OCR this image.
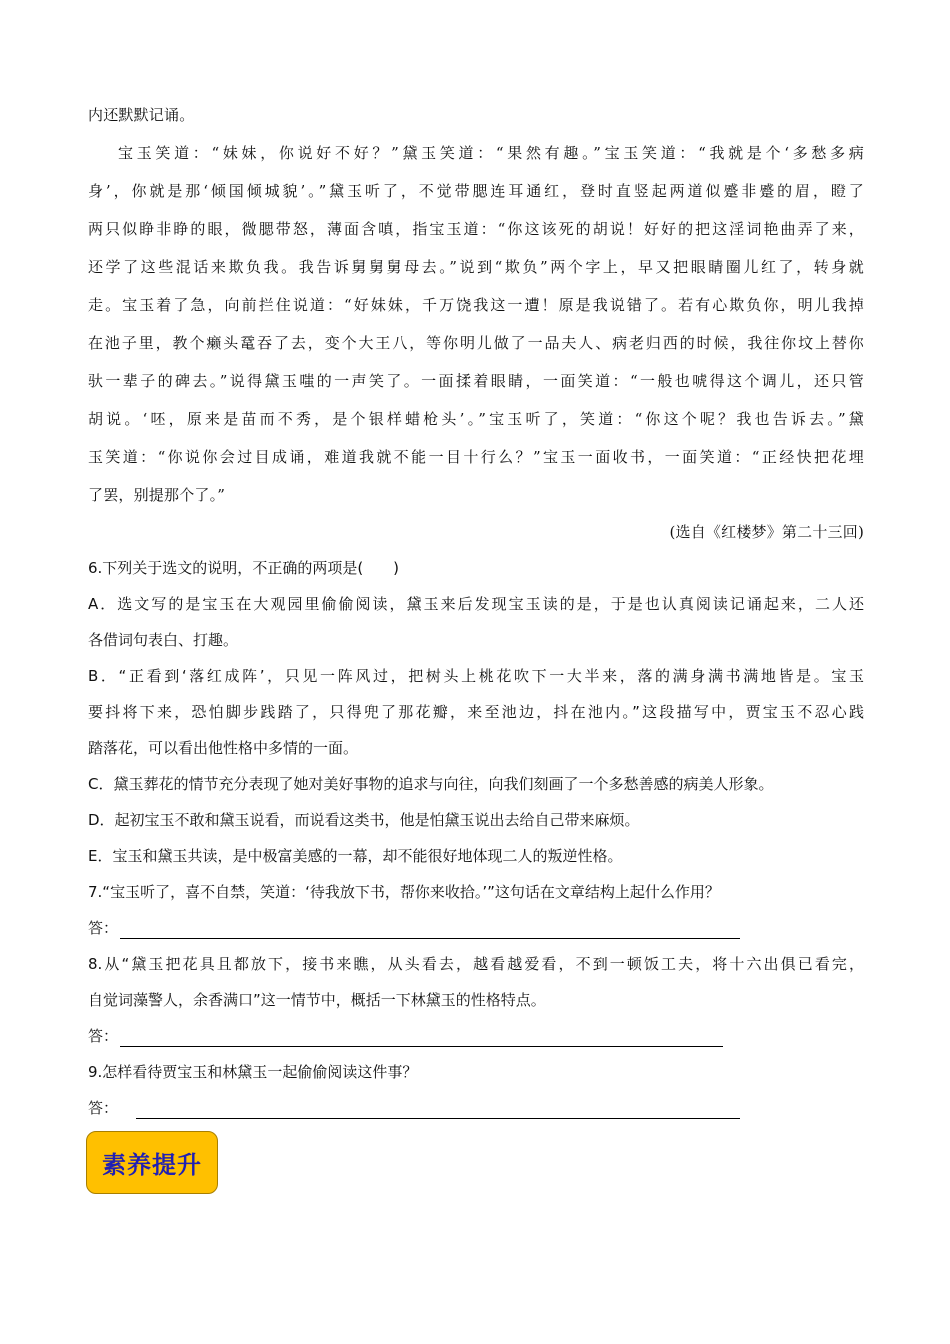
内还默默记诵。
宝玉笑道：“妹妹，你说好不好？”黛玉笑道：“果然有趣。”宝玉笑道：“我就是个‘多愁多病
身’，你就是那‘倾国倾城貌’。”黛玉听了，不觉带腮连耳通红，登时直竖起两道似蹙非蹙的眉，瞪了
两只似睁非睁的眼，微腮带怒，薄面含嗔，指宝玉道：“你这该死的胡说！好好的把这淫词艳曲弄了来，
还学了这些混话来欺负我。我告诉舅舅舅母去。”说到“欺负”两个字上，早又把眼睛圈儿红了，转身就
走。宝玉着了急，向前拦住说道：“好妹妹，千万饶我这一遭！原是我说错了。若有心欺负你，明儿我掉
在池子里，教个癞头鼋吞了去，变个大王八，等你明儿做了一品夫人、病老归西的时候，我往你坟上替你
驮一辈子的碑去。”说得黛玉嗤的一声笑了。一面揉着眼睛，一面笑道：“一般也唬得这个调儿，还只管
胡说。‘呸，原来是苗而不秀，是个银样蜡枪头’。”宝玉听了，笑道：“你这个呢？我也告诉去。”黛
玉笑道：“你说你会过目成诵，难道我就不能一目十行么？”宝玉一面收书，一面笑道：“正经快把花埋
了罢，别提那个了。”
(选自《红楼梦》第二十三回)
6.下列关于选文的说明，不正确的两项是(　　)
A．选文写的是宝玉在大观园里偷偷阅读，黛玉来后发现宝玉读的是，于是也认真阅读记诵起来，二人还
各借词句表白、打趣。
B．“正看到‘落红成阵’，只见一阵风过，把树头上桃花吹下一大半来，落的满身满书满地皆是。宝玉
要抖将下来，恐怕脚步践踏了，只得兜了那花瓣，来至池边，抖在池内。”这段描写中，贾宝玉不忍心践
踏落花，可以看出他性格中多情的一面。
C．黛玉葬花的情节充分表现了她对美好事物的追求与向往，向我们刻画了一个多愁善感的病美人形象。
D．起初宝玉不敢和黛玉说看，而说看这类书，他是怕黛玉说出去给自己带来麻烦。
E．宝玉和黛玉共读，是中极富美感的一幕，却不能很好地体现二人的叛逆性格。
7.“宝玉听了，喜不自禁，笑道：‘待我放下书，帮你来收拾。’”这句话在文章结构上起什么作用？
答：
8.从“黛玉把花具且都放下，接书来瞧，从头看去，越看越爱看，不到一顿饭工夫，将十六出俱已看完，
自觉词藻警人，余香满口”这一情节中，概括一下林黛玉的性格特点。
答：
9.怎样看待贾宝玉和林黛玉一起偷偷阅读这件事？
答：
素养提升
